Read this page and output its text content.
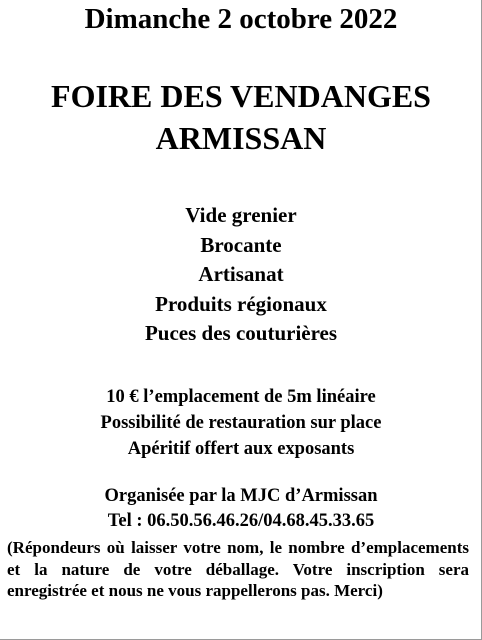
Dimanche 2 octobre 2022
FOIRE DES VENDANGES
ARMISSAN
Vide grenier
Brocante
Artisanat
Produits régionaux
Puces des couturières
10 € l’emplacement de 5m linéaire
Possibilité de restauration sur place
Apéritif offert aux exposants
Organisée par la MJC d’Armissan
Tel : 06.50.56.46.26/04.68.45.33.65
(Répondeurs où laisser votre nom, le nombre d’emplacements et la nature de votre déballage. Votre inscription sera enregistrée et nous ne vous rappellerons pas. Merci)
